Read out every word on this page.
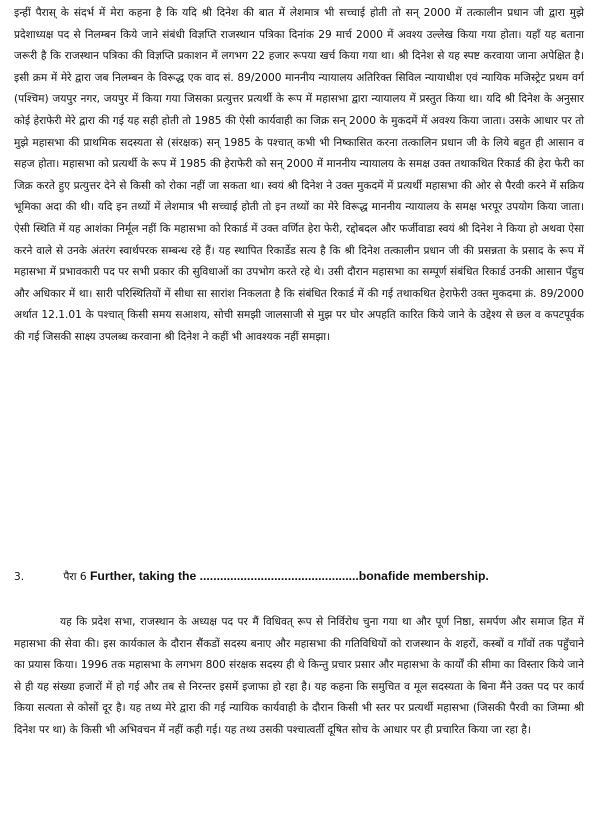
इन्हीं पैरास् के संदर्भ में मेरा कहना है कि यदि श्री दिनेश की बात में लेशमात्र भी सच्चाई होती तो सन् 2000 में तत्कालीन प्रधान जी द्वारा मुझे प्रदेशाध्यक्ष पद से निलम्बन किये जाने संबंधी विज्ञप्ति राजस्थान पत्रिका दिनांक 29 मार्च 2000 में अवश्य उल्लेख किया गया होता। यहाँ यह बताना जरूरी है कि राजस्थान पत्रिका की विज्ञप्ति प्रकाशन में लगभग 22 हजार रूपया खर्च किया गया था। श्री दिनेश से यह स्पष्ट करवाया जाना अपेक्षित है। इसी क्रम में मेरे द्वारा जब निलम्बन के विरूद्ध एक वाद सं. 89/2000 माननीय न्यायालय अतिरिक्त सिविल न्यायाधीश एवं न्यायिक मजिस्ट्रेट प्रथम वर्ग (पश्चिम) जयपुर नगर, जयपुर में किया गया जिसका प्रत्युत्तर प्रत्यर्थी के रूप में महासभा द्वारा न्यायालय में प्रस्तुत किया था। यदि श्री दिनेश के अनुसार कोई हेराफेरी मेरे द्वारा की गई यह सही होती तो 1985 की ऐसी कार्यवाही का जिक्र सन् 2000 के मुकदमें में अवश्य किया जाता। उसके आधार पर तो मुझे महासभा की प्राथमिक सदस्यता से (संरक्षक) सन् 1985 के पश्चात् कभी भी निष्कासित करना तत्कालिन प्रधान जी के लिये बहुत ही आसान व सहज होता। महासभा को प्रत्यर्थी के रूप में 1985 की हेराफेरी को सन् 2000 में माननीय न्यायालय के समक्ष उक्त तथाकथित रिकार्ड की हेरा फेरी का जिक्र करते हुए प्रत्युत्तर देने से किसी को रोका नहीं जा सकता था। स्वयं श्री दिनेश ने उक्त मुकदमें में प्रत्यर्थी महासभा की ओर से पैरवी करने में सक्रिय भूमिका अदा की थी। यदि इन तथ्यों में लेशमात्र भी सच्चाई होती तो इन तथ्यों का मेरे विरूद्ध माननीय न्यायालय के समक्ष भरपूर उपयोग किया जाता। ऐसी स्थिति में यह आशंका निर्मूल नहीं कि महासभा को रिकार्ड में उक्त वर्णित हेरा फेरी, रद्दोबदल और फर्जीवाडा स्वयं श्री दिनेश ने किया हो अथवा ऐसा करने वाले से उनके अंतरंग स्वार्थपरक सम्बन्ध रहे हैं। यह स्थापित रिकार्डेड सत्य है कि श्री दिनेश तत्कालीन प्रधान जी की प्रसन्नता के प्रसाद के रूप में महासभा में प्रभावकारी पद पर सभी प्रकार की सुविधाओं का उपभोग करते रहे थे। उसी दौरान महासभा का सम्पूर्ण संबंधित रिकार्ड उनकी आसान पँहुच और अधिकार में था। सारी परिस्थितियों में सीधा सा सारांश निकलता है कि संबंधित रिकार्ड में की गई तथाकथित हेराफेरी उक्त मुकदमा क्रं. 89/2000 अर्थात 12.1.01 के पश्चात् किसी समय सआशय, सोची समझी जालसाजी से मुझ पर घोर अपहति कारित किये जाने के उद्देश्य से छल व कपटपूर्वक की गई जिसकी साक्ष्य उपलब्ध करवाना श्री दिनेश ने कहीं भी आवश्यक नहीं समझा।

3.	पैरा 6 Further, taking the ...............................................bonafide membership.

यह कि प्रदेश सभा, राजस्थान के अध्यक्ष पद पर मैं विधिवत् रूप से निर्विरोध चुना गया था और पूर्ण निष्ठा, समर्पण और समाज हित में महासभा की सेवा की। इस कार्यकाल के दौरान सैंकडों सदस्य बनाए और महासभा की गतिविधियों को राजस्थान के शहरों, कस्बों व गाँवों तक पहुँचाने का प्रयास किया। 1996 तक महासभा के लगभग 800 संरक्षक सदस्य ही थे किन्तु प्रचार प्रसार और महासभा के कार्यों की सीमा का विस्तार किये जाने से ही यह संख्या हजारों में हो गई और तब से निरन्तर इसमें इजाफा हो रहा है। यह कहना कि समुचित व मूल सदस्यता के बिना मैंने उक्त पद पर कार्य किया सत्यता से कोसों दूर है। यह तथ्य मेरे द्वारा की गई न्यायिक कार्यवाही के दौरान किसी भी स्तर पर प्रत्यर्थी महासभा (जिसकी पैरवी का जिम्मा श्री दिनेश पर था) के किसी भी अभिवचन में नहीं कही गई। यह तथ्य उसकी पश्चात्वर्ती दूषित सोच के आधार पर ही प्रचारित किया जा रहा है।
